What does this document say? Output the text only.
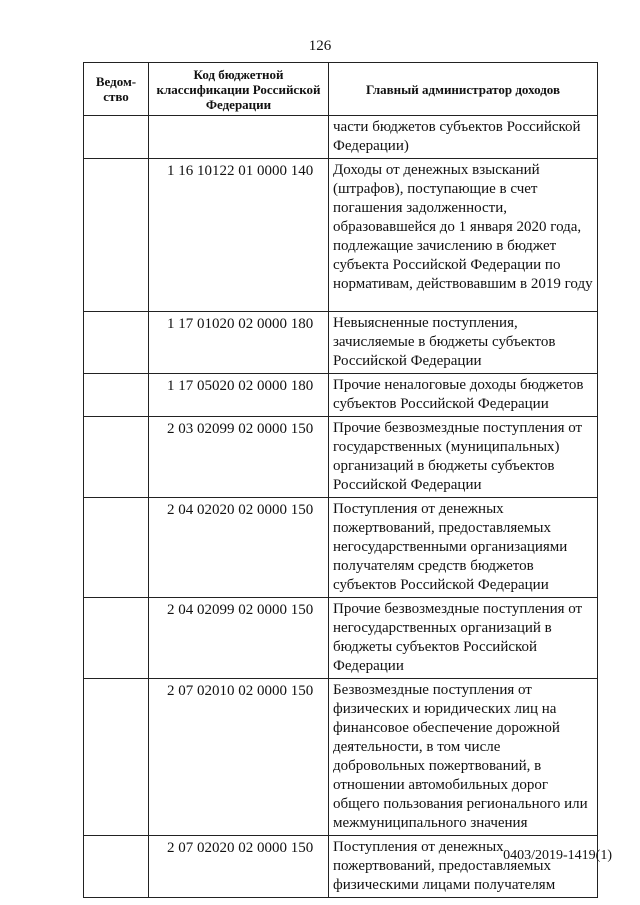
126
Ведом-ство	Код бюджетной классификации Российской Федерации	Главный администратор доходов
		части бюджетов субъектов Российской Федерации)
	1 16 10122 01 0000 140	Доходы от денежных взысканий (штрафов), поступающие в счет погашения задолженности, образовавшейся до 1 января 2020 года, подлежащие зачислению в бюджет субъекта Российской Федерации по нормативам, действовавшим в 2019 году
	1 17 01020 02 0000 180	Невыясненные поступления, зачисляемые в бюджеты субъектов Российской Федерации
	1 17 05020 02 0000 180	Прочие неналоговые доходы бюджетов субъектов Российской Федерации
	2 03 02099 02 0000 150	Прочие безвозмездные поступления от государственных (муниципальных) организаций в бюджеты субъектов Российской Федерации
	2 04 02020 02 0000 150	Поступления от денежных пожертвований, предоставляемых негосударственными организациями получателям средств бюджетов субъектов Российской Федерации
	2 04 02099 02 0000 150	Прочие безвозмездные поступления от негосударственных организаций в бюджеты субъектов Российской Федерации
	2 07 02010 02 0000 150	Безвозмездные поступления от физических и юридических лиц на финансовое обеспечение дорожной деятельности, в том числе добровольных пожертвований, в отношении автомобильных дорог общего пользования регионального или межмуниципального значения
	2 07 02020 02 0000 150	Поступления от денежных пожертвований, предоставляемых физическими лицами получателям
0403/2019-1419(1)
